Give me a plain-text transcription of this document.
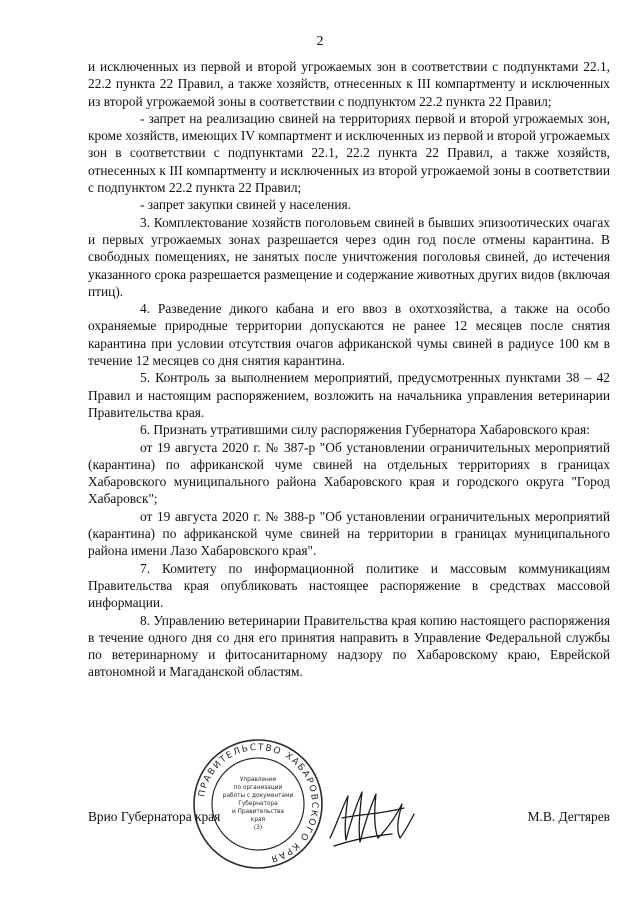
2

и исключенных из первой и второй угрожаемых зон в соответствии с подпунктами 22.1, 22.2 пункта 22 Правил, а также хозяйств, отнесенных к III компартменту и исключенных из второй угрожаемой зоны в соответствии с подпунктом 22.2 пункта 22 Правил;

- запрет на реализацию свиней на территориях первой и второй угрожаемых зон, кроме хозяйств, имеющих IV компартмент и исключенных из первой и второй угрожаемых зон в соответствии с подпунктами 22.1, 22.2 пункта 22 Правил, а также хозяйств, отнесенных к III компартменту и исключенных из второй угрожаемой зоны в соответствии с подпунктом 22.2 пункта 22 Правил;

- запрет закупки свиней у населения.

3. Комплектование хозяйств поголовьем свиней в бывших эпизоотических очагах и первых угрожаемых зонах разрешается через один год после отмены карантина. В свободных помещениях, не занятых после уничтожения поголовья свиней, до истечения указанного срока разрешается размещение и содержание животных других видов (включая птиц).

4. Разведение дикого кабана и его ввоз в охотхозяйства, а также на особо охраняемые природные территории допускаются не ранее 12 месяцев после снятия карантина при условии отсутствия очагов африканской чумы свиней в радиусе 100 км в течение 12 месяцев со дня снятия карантина.

5. Контроль за выполнением мероприятий, предусмотренных пунктами 38 – 42 Правил и настоящим распоряжением, возложить на начальника управления ветеринарии Правительства края.

6. Признать утратившими силу распоряжения Губернатора Хабаровского края:

от 19 августа 2020 г. № 387-р "Об установлении ограничительных мероприятий (карантина) по африканской чуме свиней на отдельных территориях в границах Хабаровского муниципального района Хабаровского края и городского округа "Город Хабаровск";

от 19 августа 2020 г. № 388-р "Об установлении ограничительных мероприятий (карантина) по африканской чуме свиней на территории в границах муниципального района имени Лазо Хабаровского края".

7. Комитету по информационной политике и массовым коммуникациям Правительства края опубликовать настоящее распоряжение в средствах массовой информации.

8. Управлению ветеринарии Правительства края копию настоящего распоряжения в течение одного дня со дня его принятия направить в Управление Федеральной службы по ветеринарному и фитосанитарному надзору по Хабаровскому краю, Еврейской автономной и Магаданской областям.

ПРАВИТЕЛЬСТВО ХАБАРОВСКОГО КРАЯ
Управление
по организации
работы с документами
Губернатора
и Правительства
края
(3)
Врио Губернатора края	М.В. Дегтярев
